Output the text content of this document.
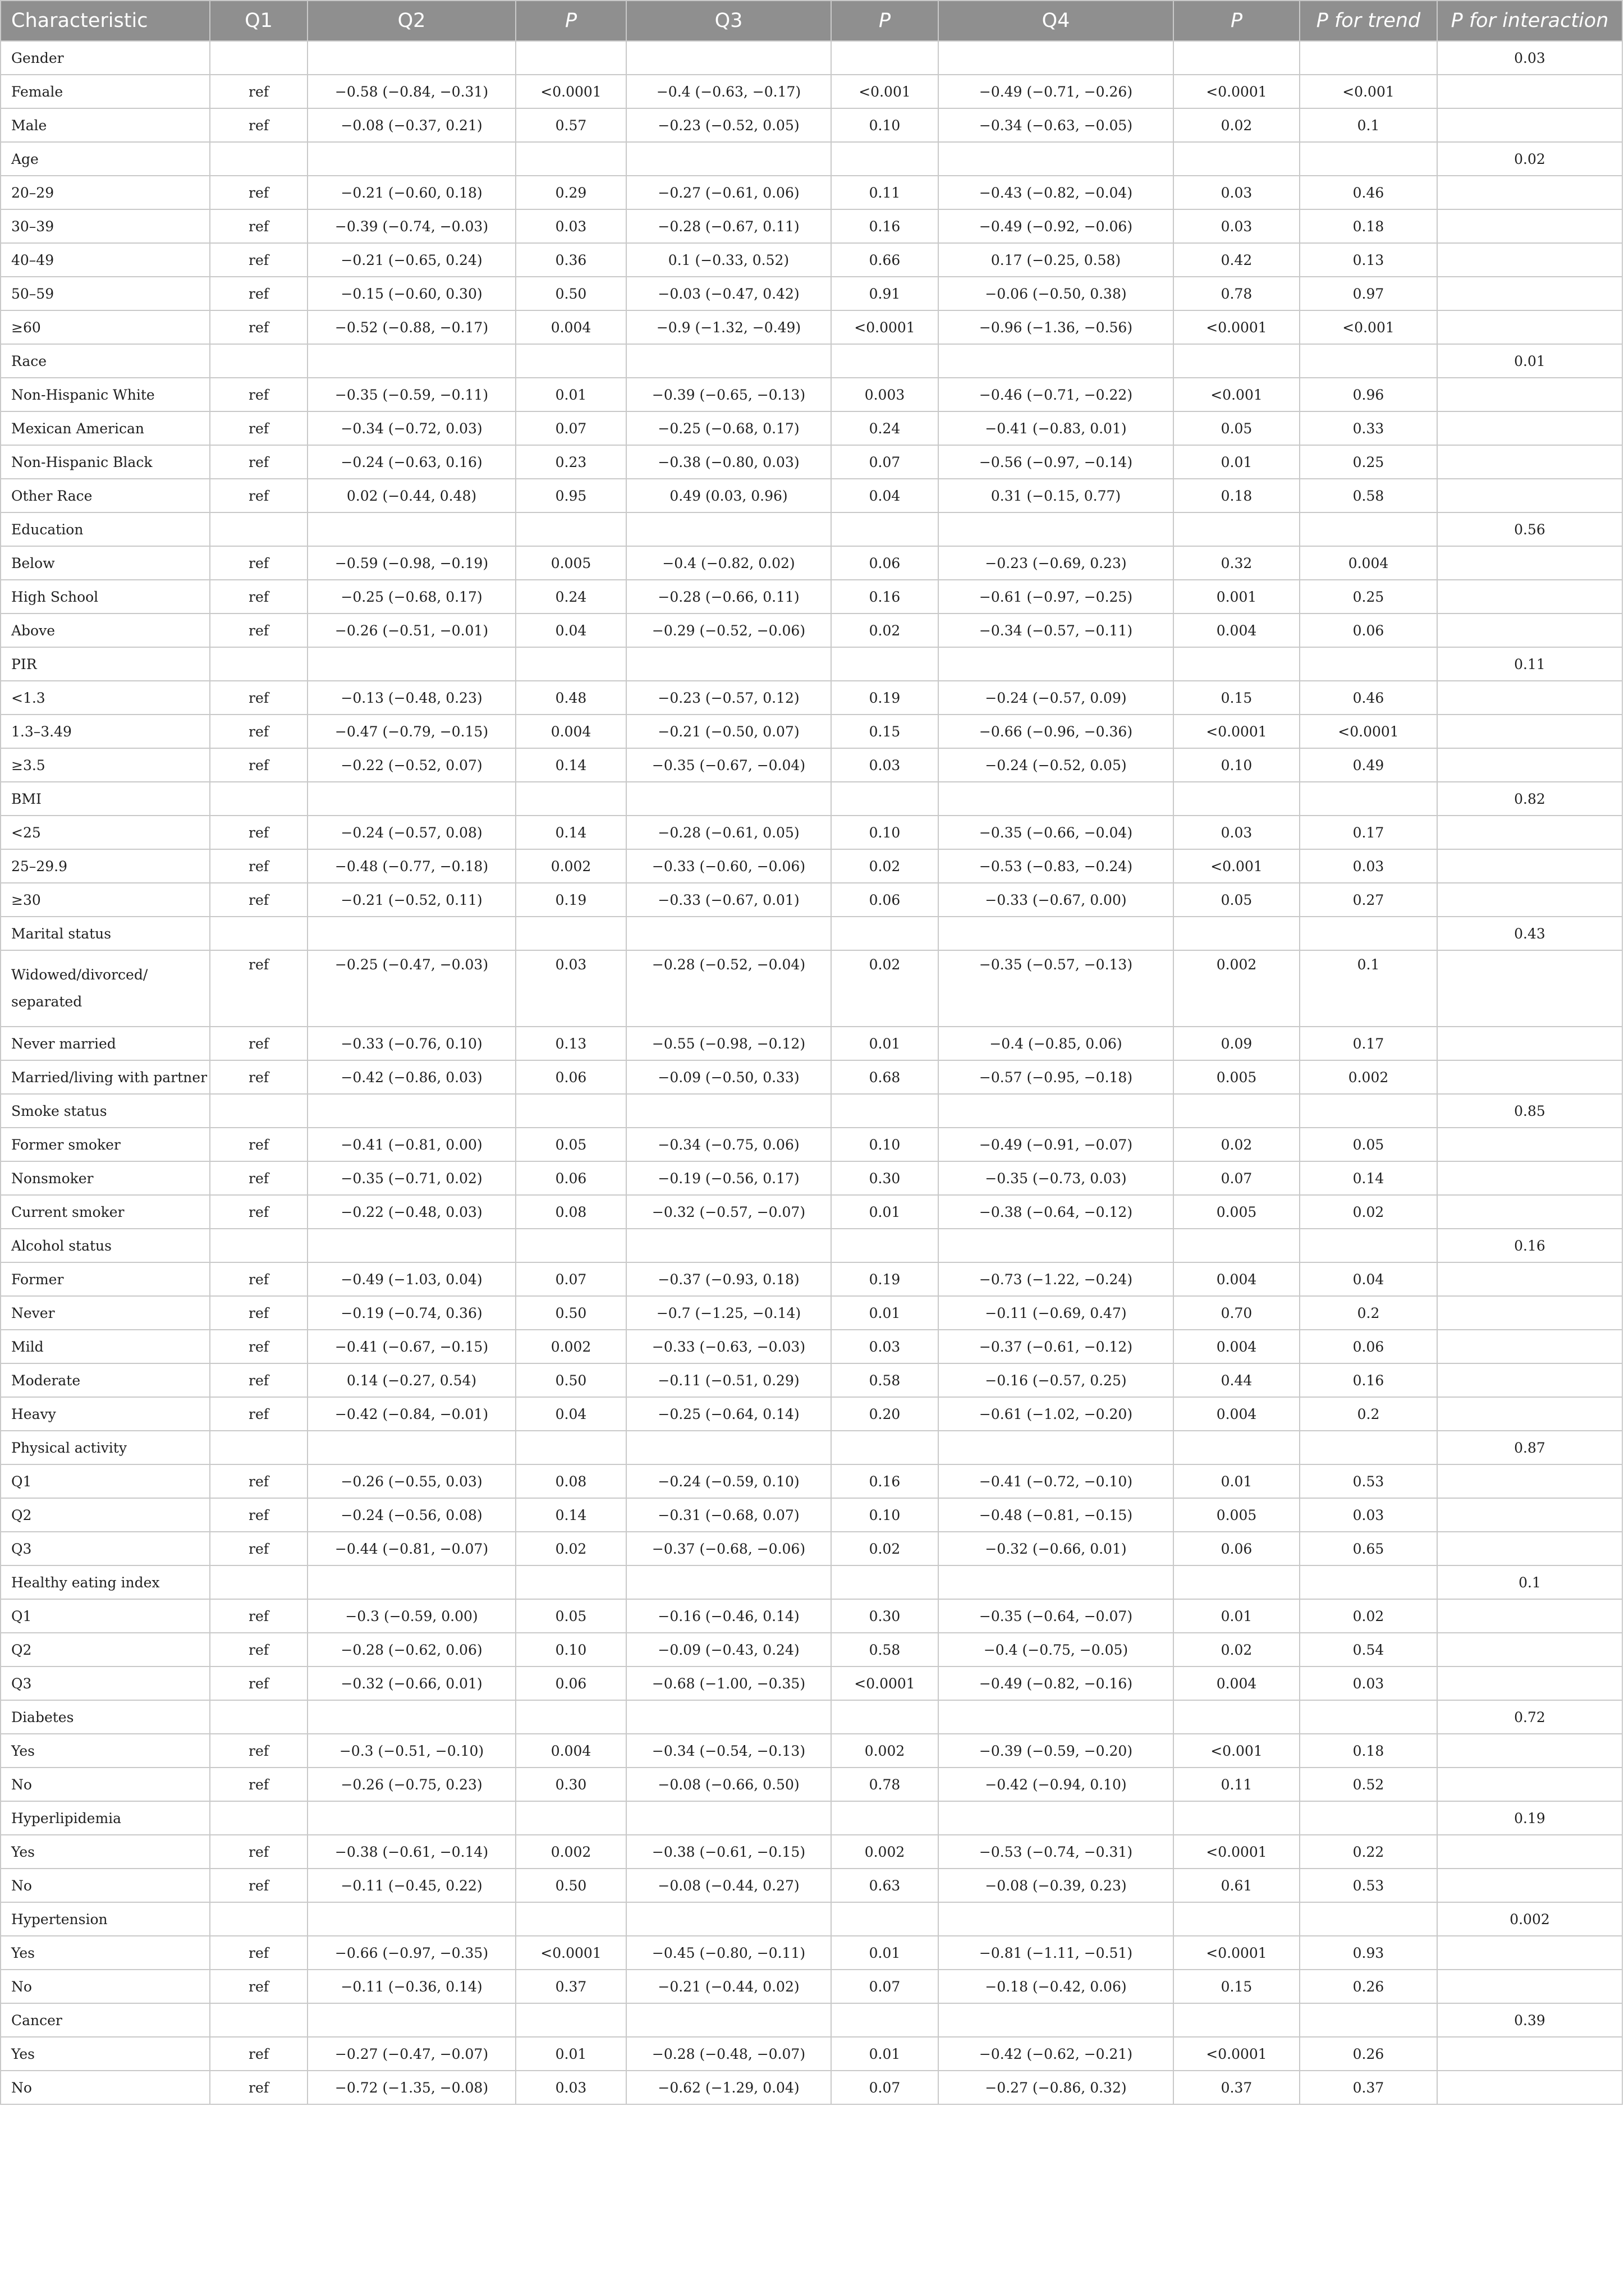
Characteristic	Q1	Q2	P	Q3	P	Q4	P	P for trend	P for interaction
Gender									0.03
Female	ref	−0.58 (−0.84, −0.31)	<0.0001	−0.4 (−0.63, −0.17)	<0.001	−0.49 (−0.71, −0.26)	<0.0001	<0.001	
Male	ref	−0.08 (−0.37, 0.21)	0.57	−0.23 (−0.52, 0.05)	0.10	−0.34 (−0.63, −0.05)	0.02	0.1	
Age									0.02
20–29	ref	−0.21 (−0.60, 0.18)	0.29	−0.27 (−0.61, 0.06)	0.11	−0.43 (−0.82, −0.04)	0.03	0.46	
30–39	ref	−0.39 (−0.74, −0.03)	0.03	−0.28 (−0.67, 0.11)	0.16	−0.49 (−0.92, −0.06)	0.03	0.18	
40–49	ref	−0.21 (−0.65, 0.24)	0.36	0.1 (−0.33, 0.52)	0.66	0.17 (−0.25, 0.58)	0.42	0.13	
50–59	ref	−0.15 (−0.60, 0.30)	0.50	−0.03 (−0.47, 0.42)	0.91	−0.06 (−0.50, 0.38)	0.78	0.97	
≥60	ref	−0.52 (−0.88, −0.17)	0.004	−0.9 (−1.32, −0.49)	<0.0001	−0.96 (−1.36, −0.56)	<0.0001	<0.001	
Race									0.01
Non-Hispanic White	ref	−0.35 (−0.59, −0.11)	0.01	−0.39 (−0.65, −0.13)	0.003	−0.46 (−0.71, −0.22)	<0.001	0.96	
Mexican American	ref	−0.34 (−0.72, 0.03)	0.07	−0.25 (−0.68, 0.17)	0.24	−0.41 (−0.83, 0.01)	0.05	0.33	
Non-Hispanic Black	ref	−0.24 (−0.63, 0.16)	0.23	−0.38 (−0.80, 0.03)	0.07	−0.56 (−0.97, −0.14)	0.01	0.25	
Other Race	ref	0.02 (−0.44, 0.48)	0.95	0.49 (0.03, 0.96)	0.04	0.31 (−0.15, 0.77)	0.18	0.58	
Education									0.56
Below	ref	−0.59 (−0.98, −0.19)	0.005	−0.4 (−0.82, 0.02)	0.06	−0.23 (−0.69, 0.23)	0.32	0.004	
High School	ref	−0.25 (−0.68, 0.17)	0.24	−0.28 (−0.66, 0.11)	0.16	−0.61 (−0.97, −0.25)	0.001	0.25	
Above	ref	−0.26 (−0.51, −0.01)	0.04	−0.29 (−0.52, −0.06)	0.02	−0.34 (−0.57, −0.11)	0.004	0.06	
PIR									0.11
<1.3	ref	−0.13 (−0.48, 0.23)	0.48	−0.23 (−0.57, 0.12)	0.19	−0.24 (−0.57, 0.09)	0.15	0.46	
1.3–3.49	ref	−0.47 (−0.79, −0.15)	0.004	−0.21 (−0.50, 0.07)	0.15	−0.66 (−0.96, −0.36)	<0.0001	<0.0001	
≥3.5	ref	−0.22 (−0.52, 0.07)	0.14	−0.35 (−0.67, −0.04)	0.03	−0.24 (−0.52, 0.05)	0.10	0.49	
BMI									0.82
<25	ref	−0.24 (−0.57, 0.08)	0.14	−0.28 (−0.61, 0.05)	0.10	−0.35 (−0.66, −0.04)	0.03	0.17	
25–29.9	ref	−0.48 (−0.77, −0.18)	0.002	−0.33 (−0.60, −0.06)	0.02	−0.53 (−0.83, −0.24)	<0.001	0.03	
≥30	ref	−0.21 (−0.52, 0.11)	0.19	−0.33 (−0.67, 0.01)	0.06	−0.33 (−0.67, 0.00)	0.05	0.27	
Marital status									0.43
Widowed/divorced/ separated	ref	−0.25 (−0.47, −0.03)	0.03	−0.28 (−0.52, −0.04)	0.02	−0.35 (−0.57, −0.13)	0.002	0.1	
Never married	ref	−0.33 (−0.76, 0.10)	0.13	−0.55 (−0.98, −0.12)	0.01	−0.4 (−0.85, 0.06)	0.09	0.17	
Married/living with partner	ref	−0.42 (−0.86, 0.03)	0.06	−0.09 (−0.50, 0.33)	0.68	−0.57 (−0.95, −0.18)	0.005	0.002	
Smoke status									0.85
Former smoker	ref	−0.41 (−0.81, 0.00)	0.05	−0.34 (−0.75, 0.06)	0.10	−0.49 (−0.91, −0.07)	0.02	0.05	
Nonsmoker	ref	−0.35 (−0.71, 0.02)	0.06	−0.19 (−0.56, 0.17)	0.30	−0.35 (−0.73, 0.03)	0.07	0.14	
Current smoker	ref	−0.22 (−0.48, 0.03)	0.08	−0.32 (−0.57, −0.07)	0.01	−0.38 (−0.64, −0.12)	0.005	0.02	
Alcohol status									0.16
Former	ref	−0.49 (−1.03, 0.04)	0.07	−0.37 (−0.93, 0.18)	0.19	−0.73 (−1.22, −0.24)	0.004	0.04	
Never	ref	−0.19 (−0.74, 0.36)	0.50	−0.7 (−1.25, −0.14)	0.01	−0.11 (−0.69, 0.47)	0.70	0.2	
Mild	ref	−0.41 (−0.67, −0.15)	0.002	−0.33 (−0.63, −0.03)	0.03	−0.37 (−0.61, −0.12)	0.004	0.06	
Moderate	ref	0.14 (−0.27, 0.54)	0.50	−0.11 (−0.51, 0.29)	0.58	−0.16 (−0.57, 0.25)	0.44	0.16	
Heavy	ref	−0.42 (−0.84, −0.01)	0.04	−0.25 (−0.64, 0.14)	0.20	−0.61 (−1.02, −0.20)	0.004	0.2	
Physical activity									0.87
Q1	ref	−0.26 (−0.55, 0.03)	0.08	−0.24 (−0.59, 0.10)	0.16	−0.41 (−0.72, −0.10)	0.01	0.53	
Q2	ref	−0.24 (−0.56, 0.08)	0.14	−0.31 (−0.68, 0.07)	0.10	−0.48 (−0.81, −0.15)	0.005	0.03	
Q3	ref	−0.44 (−0.81, −0.07)	0.02	−0.37 (−0.68, −0.06)	0.02	−0.32 (−0.66, 0.01)	0.06	0.65	
Healthy eating index									0.1
Q1	ref	−0.3 (−0.59, 0.00)	0.05	−0.16 (−0.46, 0.14)	0.30	−0.35 (−0.64, −0.07)	0.01	0.02	
Q2	ref	−0.28 (−0.62, 0.06)	0.10	−0.09 (−0.43, 0.24)	0.58	−0.4 (−0.75, −0.05)	0.02	0.54	
Q3	ref	−0.32 (−0.66, 0.01)	0.06	−0.68 (−1.00, −0.35)	<0.0001	−0.49 (−0.82, −0.16)	0.004	0.03	
Diabetes									0.72
Yes	ref	−0.3 (−0.51, −0.10)	0.004	−0.34 (−0.54, −0.13)	0.002	−0.39 (−0.59, −0.20)	<0.001	0.18	
No	ref	−0.26 (−0.75, 0.23)	0.30	−0.08 (−0.66, 0.50)	0.78	−0.42 (−0.94, 0.10)	0.11	0.52	
Hyperlipidemia									0.19
Yes	ref	−0.38 (−0.61, −0.14)	0.002	−0.38 (−0.61, −0.15)	0.002	−0.53 (−0.74, −0.31)	<0.0001	0.22	
No	ref	−0.11 (−0.45, 0.22)	0.50	−0.08 (−0.44, 0.27)	0.63	−0.08 (−0.39, 0.23)	0.61	0.53	
Hypertension									0.002
Yes	ref	−0.66 (−0.97, −0.35)	<0.0001	−0.45 (−0.80, −0.11)	0.01	−0.81 (−1.11, −0.51)	<0.0001	0.93	
No	ref	−0.11 (−0.36, 0.14)	0.37	−0.21 (−0.44, 0.02)	0.07	−0.18 (−0.42, 0.06)	0.15	0.26	
Cancer									0.39
Yes	ref	−0.27 (−0.47, −0.07)	0.01	−0.28 (−0.48, −0.07)	0.01	−0.42 (−0.62, −0.21)	<0.0001	0.26	
No	ref	−0.72 (−1.35, −0.08)	0.03	−0.62 (−1.29, 0.04)	0.07	−0.27 (−0.86, 0.32)	0.37	0.37	
